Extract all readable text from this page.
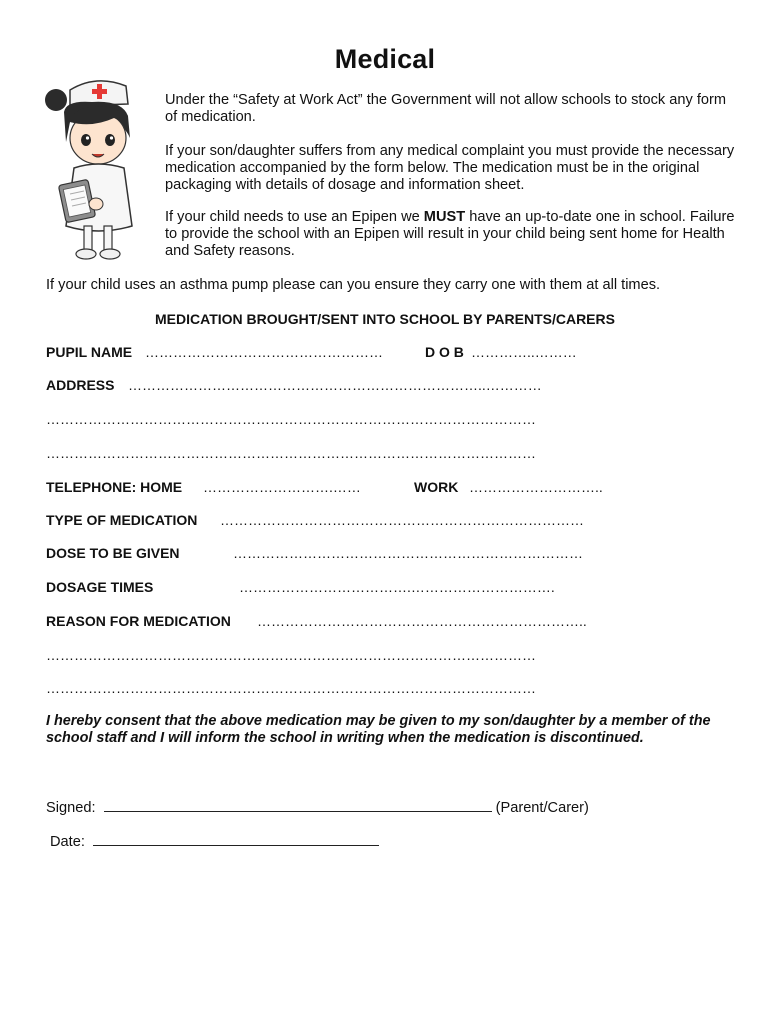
Medical
Under the “Safety at Work Act” the Government will not allow schools to stock any form of medication.
If your son/daughter suffers from any medical complaint you must provide the necessary medication accompanied by the form below. The medication must be in the original packaging with details of dosage and information sheet.
If your child needs to use an Epipen we MUST have an up-to-date one in school. Failure to provide the school with an Epipen will result in your child being sent home for Health and Safety reasons.
If your child uses an asthma pump please can you ensure they carry one with them at all times.
MEDICATION BROUGHT/SENT INTO SCHOOL BY PARENTS/CARERS
PUPIL NAME ……………………………………………	D O B …………..………
ADDRESS …………………………………………………………………..…………
……………………………………………………………………………………………
……………………………………………………………………………………………
TELEPHONE: HOME ……………………….……	WORK ………………………..
TYPE OF MEDICATION ……………………………………………………………………
DOSE TO BE GIVEN	…………………………………………………………………
DOSAGE TIMES	……………………………….………………………….
REASON FOR MEDICATION ……………………………………………………………..
……………………………………………………………………………………………
……………………………………………………………………………………………
I hereby consent that the above medication may be given to my son/daughter by a member of the school staff and I will inform the school in writing when the medication is discontinued.
Signed:	(Parent/Carer)
Date:
